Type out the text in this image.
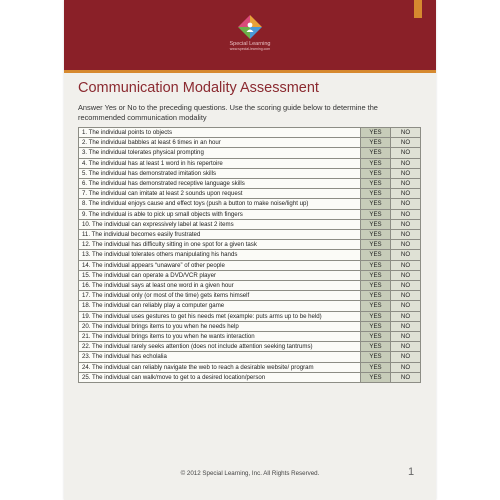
Special Learning
www.special-learning.com
Communication Modality Assessment
Answer Yes or No to the preceding questions. Use the scoring guide below to determine the recommended communication modality
1. The individual points to objects	YES	NO
2. The individual babbles at least 6 times in an hour	YES	NO
3. The individual tolerates physical prompting	YES	NO
4. The individual has at least 1 word in his repertoire	YES	NO
5. The individual has demonstrated imitation skills	YES	NO
6. The individual has demonstrated receptive language skills	YES	NO
7. The individual can imitate at least 2 sounds upon request	YES	NO
8. The individual enjoys cause and effect toys (push a button to make noise/light up)	YES	NO
9. The individual is able to pick up small objects with fingers	YES	NO
10. The individual can expressively label at least 2 items	YES	NO
11. The individual becomes easily frustrated	YES	NO
12. The individual has difficulty sitting in one spot for a given task	YES	NO
13. The individual tolerates others manipulating his hands	YES	NO
14. The individual appears “unaware” of other people	YES	NO
15. The individual can operate a DVD/VCR player	YES	NO
16. The individual says at least one word in a given hour	YES	NO
17. The individual only (or most of the time) gets items himself	YES	NO
18. The individual can reliably play a computer game	YES	NO
19. The individual uses gestures to get his needs met (example: puts arms up to be held)	YES	NO
20. The individual brings items to you when he needs help	YES	NO
21. The individual brings items to you when he wants interaction	YES	NO
22. The individual rarely seeks attention (does not include attention seeking tantrums)	YES	NO
23. The individual has echolalia	YES	NO
24. The individual can reliably navigate the web to reach a desirable website/ program	YES	NO
25. The individual can walk/move to get to a desired location/person	YES	NO
© 2012 Special Learning, Inc. All Rights Reserved.	1
